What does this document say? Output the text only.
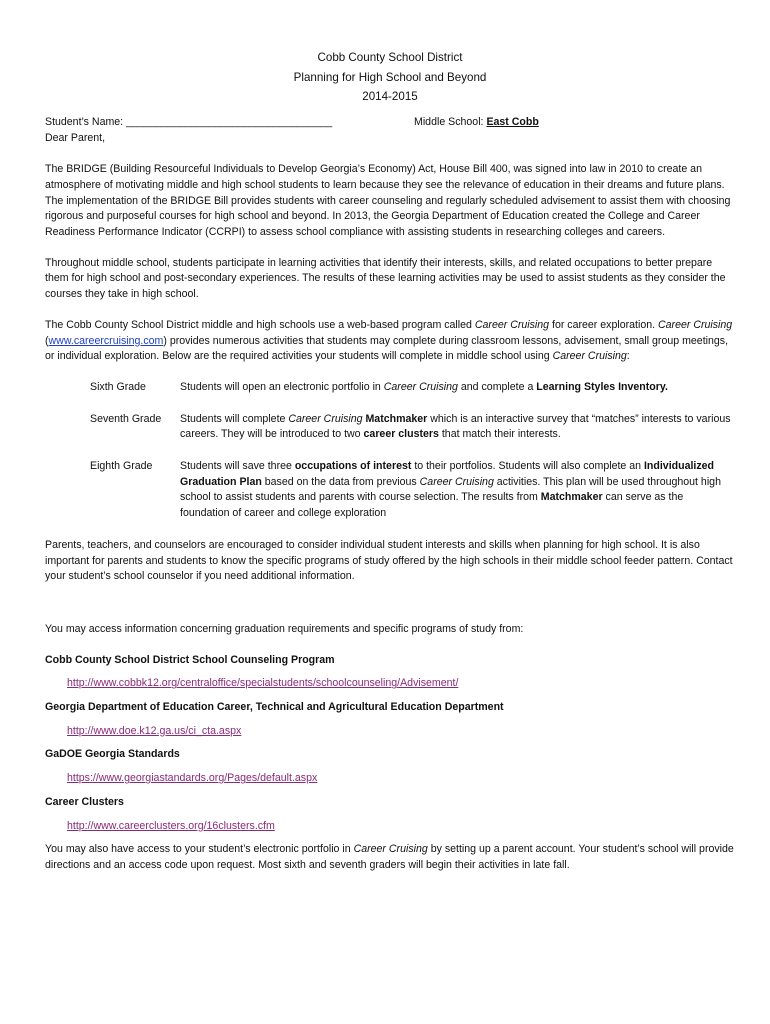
Cobb County School District
Planning for High School and Beyond
2014-2015
Student’s Name: ___________________________________	Middle School: East Cobb

Dear Parent,

The BRIDGE (Building Resourceful Individuals to Develop Georgia’s Economy) Act, House Bill 400, was signed into law in 2010 to create an atmosphere of motivating middle and high school students to learn because they see the relevance of education in their dreams and future plans. The implementation of the BRIDGE Bill provides students with career counseling and regularly scheduled advisement to assist them with choosing rigorous and purposeful courses for high school and beyond. In 2013, the Georgia Department of Education created the College and Career Readiness Performance Indicator (CCRPI) to assess school compliance with assisting students in researching colleges and careers.

Throughout middle school, students participate in learning activities that identify their interests, skills, and related occupations to better prepare them for high school and post-secondary experiences. The results of these learning activities may be used to assist students as they consider the courses they take in high school.

The Cobb County School District middle and high schools use a web-based program called Career Cruising for career exploration. Career Cruising (www.careercruising.com) provides numerous activities that students may complete during classroom lessons, advisement, small group meetings, or individual exploration. Below are the required activities your students will complete in middle school using Career Cruising:

Sixth Grade	Students will open an electronic portfolio in Career Cruising and complete a Learning Styles Inventory.
Seventh Grade	Students will complete Career Cruising Matchmaker which is an interactive survey that “matches” interests to various careers. They will be introduced to two career clusters that match their interests.
Eighth Grade	Students will save three occupations of interest to their portfolios. Students will also complete an Individualized Graduation Plan based on the data from previous Career Cruising activities. This plan will be used throughout high school to assist students and parents with course selection. The results from Matchmaker can serve as the foundation of career and college exploration

Parents, teachers, and counselors are encouraged to consider individual student interests and skills when planning for high school. It is also important for parents and students to know the specific programs of study offered by the high schools in their middle school feeder pattern. Contact your student’s school counselor if you need additional information.

You may access information concerning graduation requirements and specific programs of study from:

Cobb County School District School Counseling Program
http://www.cobbk12.org/centraloffice/specialstudents/schoolcounseling/Advisement/
Georgia Department of Education Career, Technical and Agricultural Education Department
http://www.doe.k12.ga.us/ci_cta.aspx
GaDOE Georgia Standards
https://www.georgiastandards.org/Pages/default.aspx
Career Clusters
http://www.careerclusters.org/16clusters.cfm

You may also have access to your student’s electronic portfolio in Career Cruising by setting up a parent account. Your student’s school will provide directions and an access code upon request. Most sixth and seventh graders will begin their activities in late fall.
